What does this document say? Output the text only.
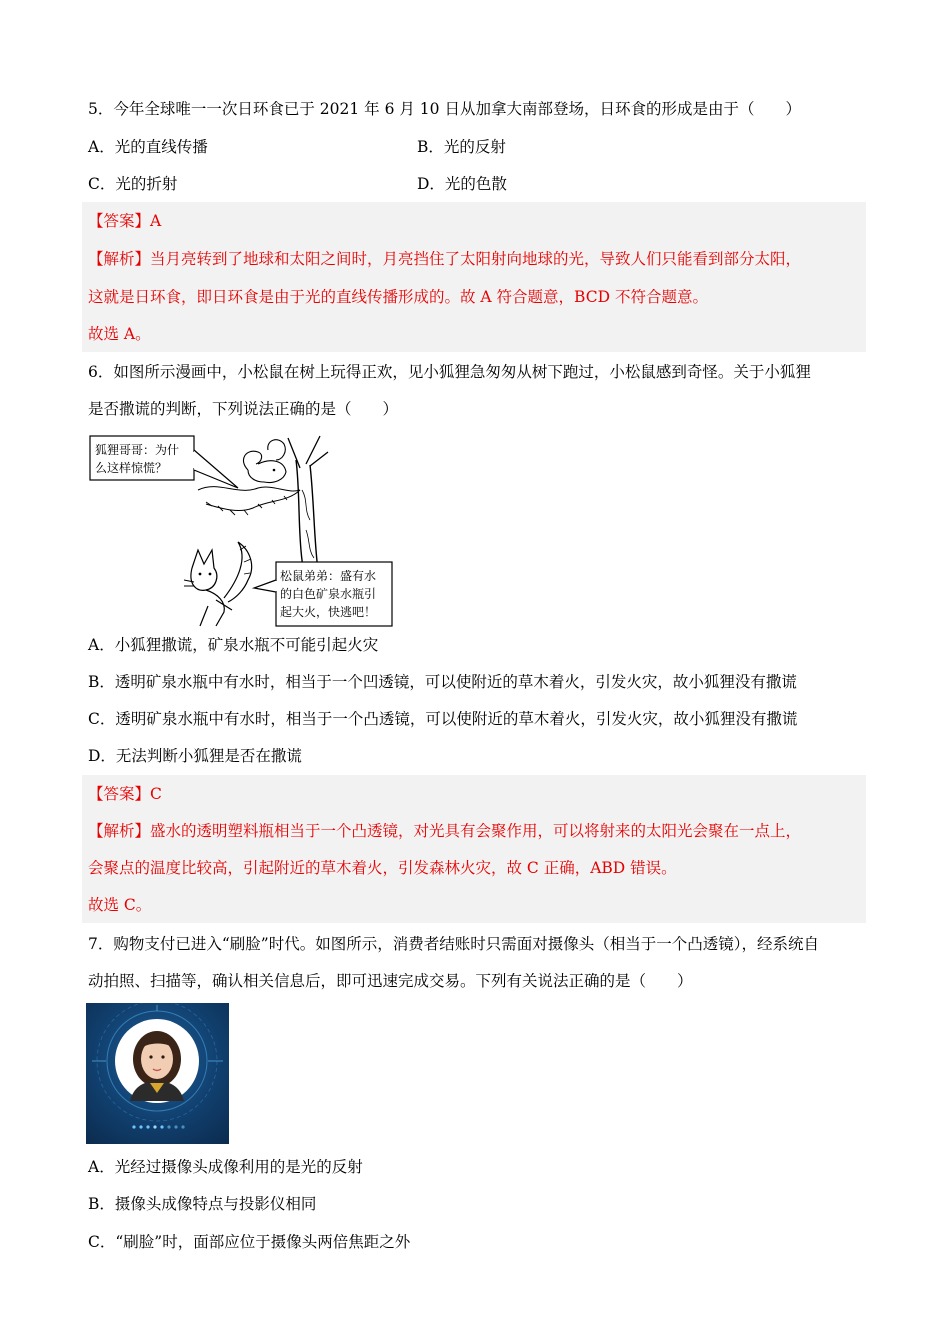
5．今年全球唯一一次日环食已于 2021 年 6 月 10 日从加拿大南部登场，日环食的形成是由于（　　）
A．光的直线传播	B．光的反射
C．光的折射	D．光的色散
【答案】A
【解析】当月亮转到了地球和太阳之间时，月亮挡住了太阳射向地球的光，导致人们只能看到部分太阳，
这就是日环食，即日环食是由于光的直线传播形成的。故 A 符合题意，BCD 不符合题意。
故选 A。
6．如图所示漫画中，小松鼠在树上玩得正欢，见小狐狸急匆匆从树下跑过，小松鼠感到奇怪。关于小狐狸
是否撒谎的判断，下列说法正确的是（　　）
狐狸哥哥：为什
么这样惊慌？
松鼠弟弟：盛有水
的白色矿泉水瓶引
起大火，快逃吧！
A．小狐狸撒谎，矿泉水瓶不可能引起火灾
B．透明矿泉水瓶中有水时，相当于一个凹透镜，可以使附近的草木着火，引发火灾，故小狐狸没有撒谎
C．透明矿泉水瓶中有水时，相当于一个凸透镜，可以使附近的草木着火，引发火灾，故小狐狸没有撒谎
D．无法判断小狐狸是否在撒谎
【答案】C
【解析】盛水的透明塑料瓶相当于一个凸透镜，对光具有会聚作用，可以将射来的太阳光会聚在一点上，
会聚点的温度比较高，引起附近的草木着火，引发森林火灾，故 C 正确，ABD 错误。
故选 C。
7．购物支付已进入“刷脸”时代。如图所示，消费者结账时只需面对摄像头（相当于一个凸透镜），经系统自
动拍照、扫描等，确认相关信息后，即可迅速完成交易。下列有关说法正确的是（　　）
A．光经过摄像头成像利用的是光的反射
B．摄像头成像特点与投影仪相同
C．“刷脸”时，面部应位于摄像头两倍焦距之外
